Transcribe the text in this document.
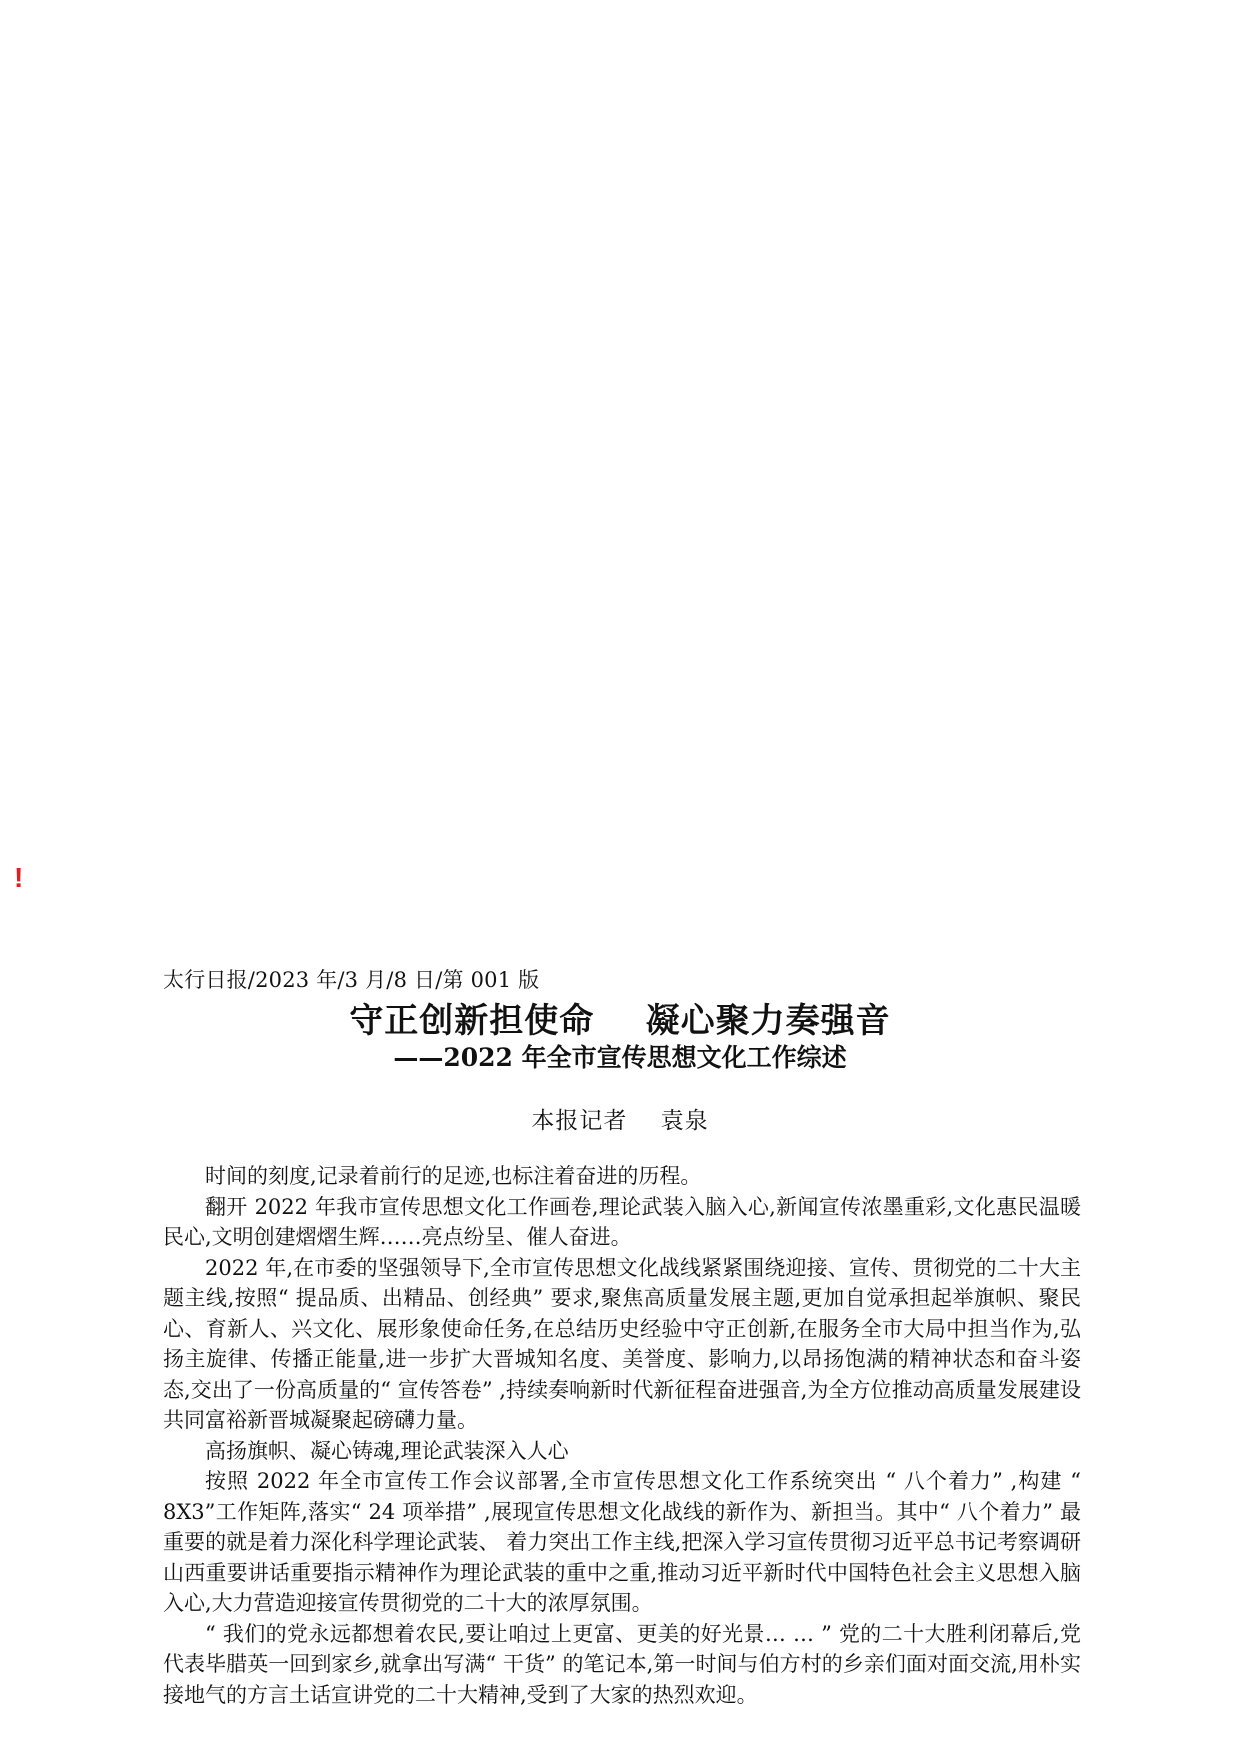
!
太行日报/2023 年/3 月/8 日/第 001 版
守正创新担使命    凝心聚力奏强音
——2022 年全市宣传思想文化工作综述
本报记者    袁泉

时间的刻度,记录着前行的足迹,也标注着奋进的历程。

翻开 2022 年我市宣传思想文化工作画卷,理论武装入脑入心,新闻宣传浓墨重彩,文化惠民温暖民心,文明创建熠熠生辉……亮点纷呈、催人奋进。

2022 年,在市委的坚强领导下,全市宣传思想文化战线紧紧围绕迎接、宣传、贯彻党的二十大主题主线,按照“ 提品质、出精品、创经典” 要求,聚焦高质量发展主题,更加自觉承担起举旗帜、聚民心、育新人、兴文化、展形象使命任务,在总结历史经验中守正创新,在服务全市大局中担当作为,弘扬主旋律、传播正能量,进一步扩大晋城知名度、美誉度、影响力,以昂扬饱满的精神状态和奋斗姿态,交出了一份高质量的“ 宣传答卷” ,持续奏响新时代新征程奋进强音,为全方位推动高质量发展建设共同富裕新晋城凝聚起磅礴力量。

高扬旗帜、凝心铸魂,理论武装深入人心

按照 2022 年全市宣传工作会议部署,全市宣传思想文化工作系统突出 “ 八个着力” ,构建 “ 8X3”工作矩阵,落实“ 24 项举措” ,展现宣传思想文化战线的新作为、新担当。其中“ 八个着力” 最重要的就是着力深化科学理论武装、 着力突出工作主线,把深入学习宣传贯彻习近平总书记考察调研山西重要讲话重要指示精神作为理论武装的重中之重,推动习近平新时代中国特色社会主义思想入脑入心,大力营造迎接宣传贯彻党的二十大的浓厚氛围。

“ 我们的党永远都想着农民,要让咱过上更富、更美的好光景… … ” 党的二十大胜利闭幕后,党代表毕腊英一回到家乡,就拿出写满“ 干货” 的笔记本,第一时间与伯方村的乡亲们面对面交流,用朴实接地气的方言土话宣讲党的二十大精神,受到了大家的热烈欢迎。
